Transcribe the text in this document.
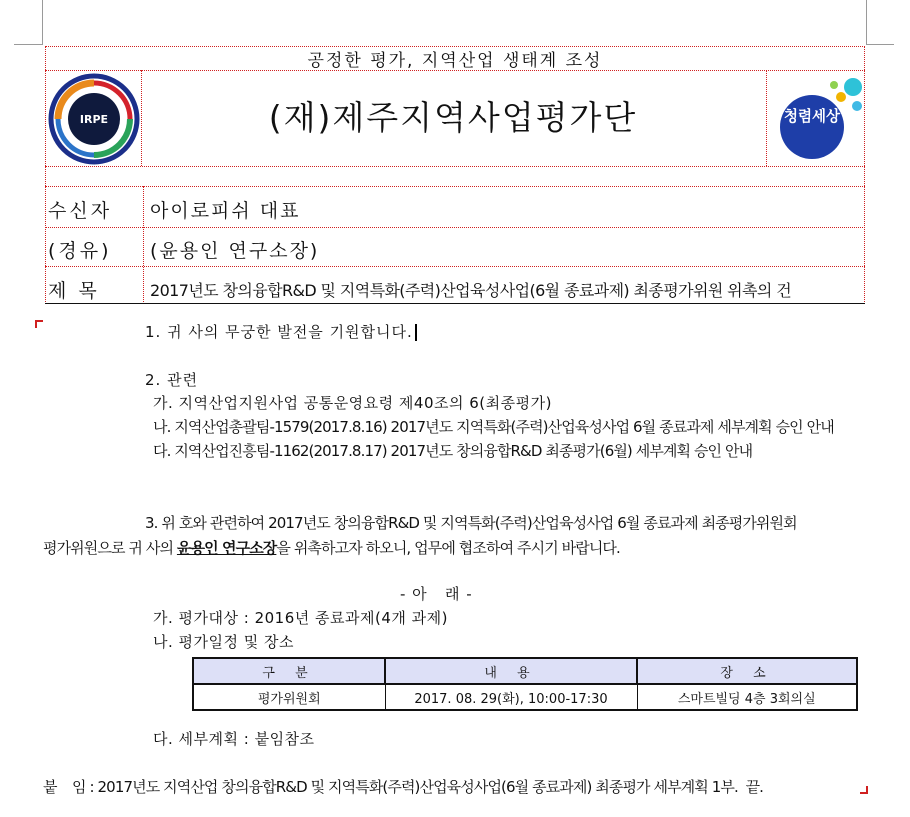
공정한 평가, 지역산업 생태계 조성
IRPE	(재)제주지역사업평가단	청렴세상
수신자 아이로피쉬 대표
(경유) (윤용인 연구소장)
제 목	2017년도 창의융합R&D 및 지역특화(주력)산업육성사업(6월 종료과제) 최종평가위원 위촉의 건
1. 귀 사의 무궁한 발전을 기원합니다.
2. 관련
가. 지역산업지원사업 공통운영요령 제40조의 6(최종평가)
나. 지역산업총괄팀-1579(2017.8.16) 2017년도 지역특화(주력)산업육성사업 6월 종료과제 세부계획 승인 안내
다. 지역산업진흥팀-1162(2017.8.17) 2017년도 창의융합R&D 최종평가(6월) 세부계획 승인 안내
3. 위 호와 관련하여 2017년도 창의융합R&D 및 지역특화(주력)산업육성사업 6월 종료과제 최종평가위원회
평가위원으로 귀 사의 윤용인 연구소장을 위촉하고자 하오니, 업무에 협조하여 주시기 바랍니다.
- 아   래 -
가. 평가대상 : 2016년 종료과제(4개 과제)
나. 평가일정 및 장소
구 분	내 용	장 소
평가위원회	2017. 08. 29(화), 10:00-17:30	스마트빌딩 4층 3회의실
다. 세부계획 : 붙임참조
붙    임 : 2017년도 지역산업 창의융합R&D 및 지역특화(주력)산업육성사업(6월 종료과제) 최종평가 세부계획 1부.  끝.
